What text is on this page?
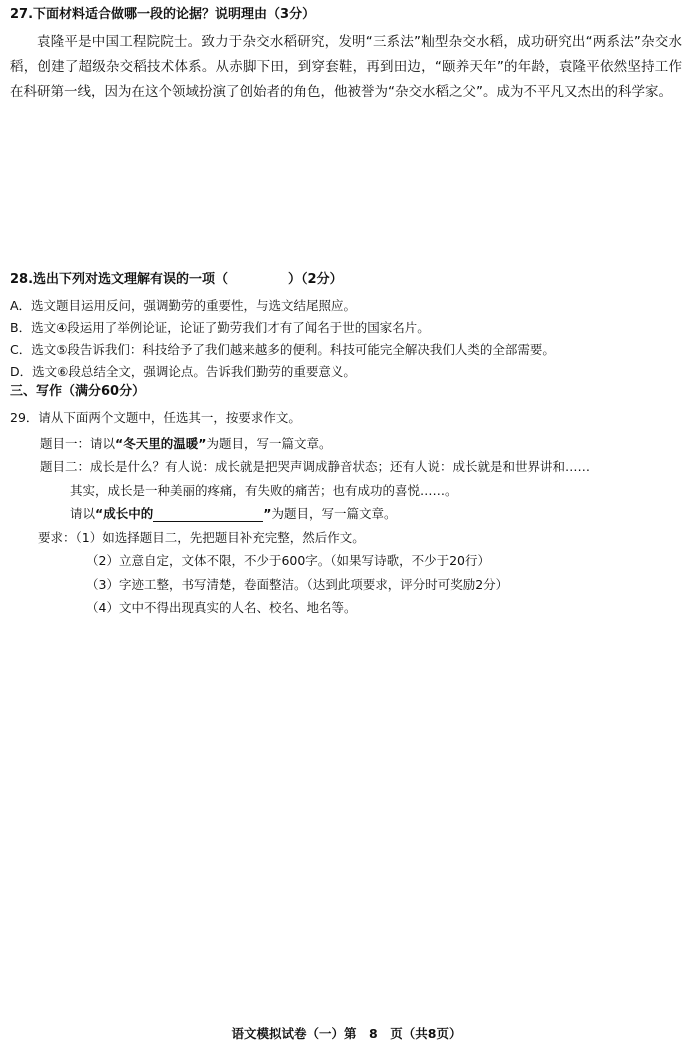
27.下面材料适合做哪一段的论据？说明理由（3分）

袁隆平是中国工程院院士。致力于杂交水稻研究，发明“三系法”籼型杂交水稻，成功研究出“两系法”杂交水稻，创建了超级杂交稻技术体系。从赤脚下田，到穿套鞋，再到田边，“颐养天年”的年龄，袁隆平依然坚持工作在科研第一线，因为在这个领域扮演了创始者的角色，他被誉为“杂交水稻之父”。成为不平凡又杰出的科学家。

28.选出下列对选文理解有误的一项（	）（2分）

A．选文题目运用反问，强调勤劳的重要性，与选文结尾照应。

B．选文④段运用了举例论证，论证了勤劳我们才有了闻名于世的国家名片。

C．选文⑤段告诉我们：科技给予了我们越来越多的便利。科技可能完全解决我们人类的全部需要。

D．选文⑥段总结全文，强调论点。告诉我们勤劳的重要意义。

三、写作（满分60分）

29．请从下面两个文题中，任选其一，按要求作文。

题目一：请以“冬天里的温暖”为题目，写一篇文章。

题目二：成长是什么？有人说：成长就是把哭声调成静音状态；还有人说：成长就是和世界讲和……

其实，成长是一种美丽的疼痛，有失败的痛苦；也有成功的喜悦……。

请以“成长中的	”为题目，写一篇文章。

要求：（1）如选择题目二，先把题目补充完整，然后作文。

（2）立意自定，文体不限，不少于600字。（如果写诗歌，不少于20行）

（3）字迹工整，书写清楚，卷面整洁。（达到此项要求，评分时可奖励2分）

（4）文中不得出现真实的人名、校名、地名等。

语文模拟试卷（一）第　8　页（共8页）
